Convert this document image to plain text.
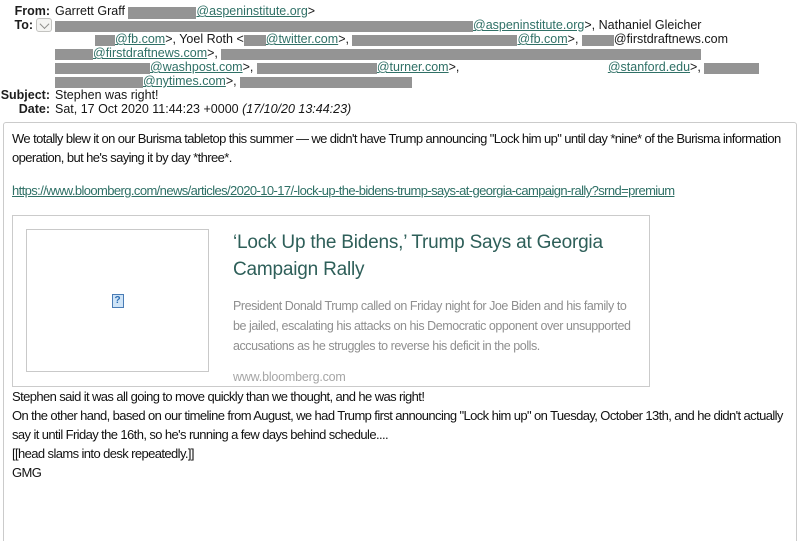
From: Garrett Graff	@aspeninstitute.org>
To:	@aspeninstitute.org>, Nathaniel Gleicher
@fb.com>, Yoel Roth < @twitter.com>,	@fb.com>,	@firstdraftnews.com
@firstdraftnews.com>,
@washpost.com>,	@turner.com>,	@stanford.edu>,
@nytimes.com>,
Subject: Stephen was right!
Date: Sat, 17 Oct 2020 11:44:23 +0000 (17/10/20 13:44:23)

We totally blew it on our Burisma tabletop this summer — we didn't have Trump announcing "Lock him up" until day *nine* of the Burisma information operation, but he's saying it by day *three*.

https://www.bloomberg.com/news/articles/2020-10-17/-lock-up-the-bidens-trump-says-at-georgia-campaign-rally?srnd=premium
?
‘Lock Up the Bidens,’ Trump Says at Georgia Campaign Rally
President Donald Trump called on Friday night for Joe Biden and his family to be jailed, escalating his attacks on his Democratic opponent over unsupported accusations as he struggles to reverse his deficit in the polls.
www.bloomberg.com

Stephen said it was all going to move quickly than we thought, and he was right!

On the other hand, based on our timeline from August, we had Trump first announcing "Lock him up" on Tuesday, October 13th, and he didn't actually say it until Friday the 16th, so he's running a few days behind schedule....

[[head slams into desk repeatedly.]]

GMG
